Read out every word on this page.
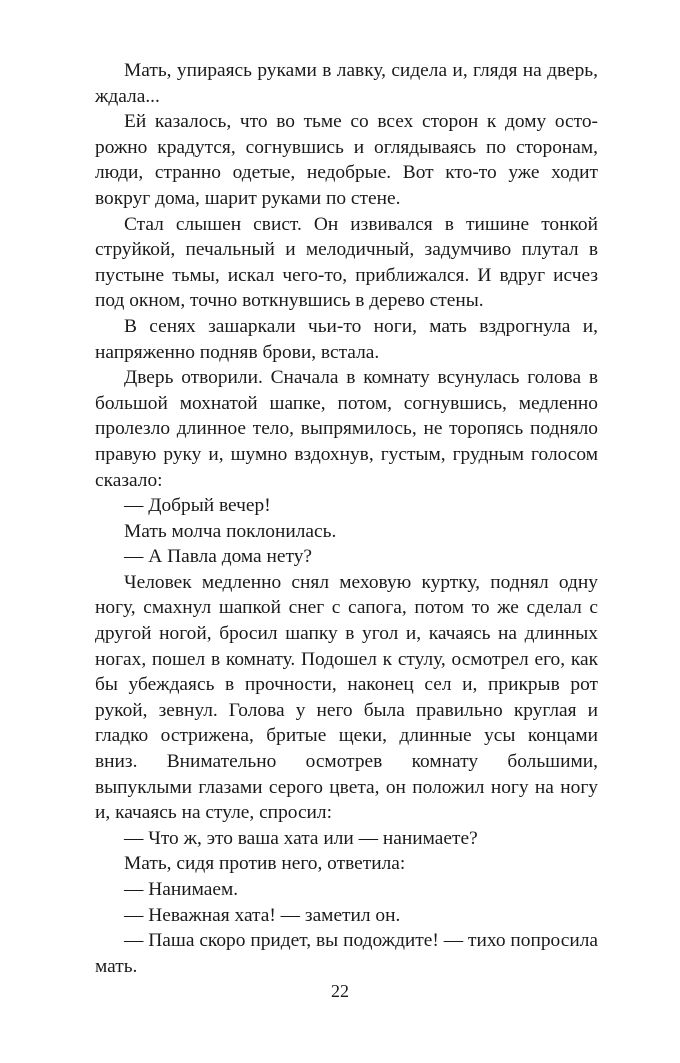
Мать, упираясь руками в лавку, сидела и, глядя на дверь, ждала...

Ей казалось, что во тьме со всех сторон к дому осторожно крадутся, согнувшись и оглядываясь по сторонам, люди, странно одетые, недобрые. Вот кто-то уже ходит вокруг дома, шарит руками по стене.

Стал слышен свист. Он извивался в тишине тонкой струйкой, печальный и мелодичный, задумчиво плутал в пустыне тьмы, искал чего-то, приближался. И вдруг исчез под окном, точно воткнувшись в дерево стены.

В сенях зашаркали чьи-то ноги, мать вздрогнула и, напряженно подняв брови, встала.

Дверь отворили. Сначала в комнату всунулась голова в большой мохнатой шапке, потом, согнувшись, медленно пролезло длинное тело, выпрямилось, не торопясь подняло правую руку и, шумно вздохнув, густым, грудным голосом сказало:

— Добрый вечер!

Мать молча поклонилась.

— А Павла дома нету?

Человек медленно снял меховую куртку, поднял одну ногу, смахнул шапкой снег с сапога, потом то же сделал с другой ногой, бросил шапку в угол и, качаясь на длинных ногах, пошел в комнату. Подошел к стулу, осмотрел его, как бы убеждаясь в прочности, наконец сел и, прикрыв рот рукой, зевнул. Голова у него была правильно круглая и гладко острижена, бритые щеки, длинные усы концами вниз. Внимательно осмотрев комнату большими, выпуклыми глазами серого цвета, он положил ногу на ногу и, качаясь на стуле, спросил:

— Что ж, это ваша хата или — нанимаете?

Мать, сидя против него, ответила:

— Нанимаем.

— Неважная хата! — заметил он.

— Паша скоро придет, вы подождите! — тихо попросила мать.

22
